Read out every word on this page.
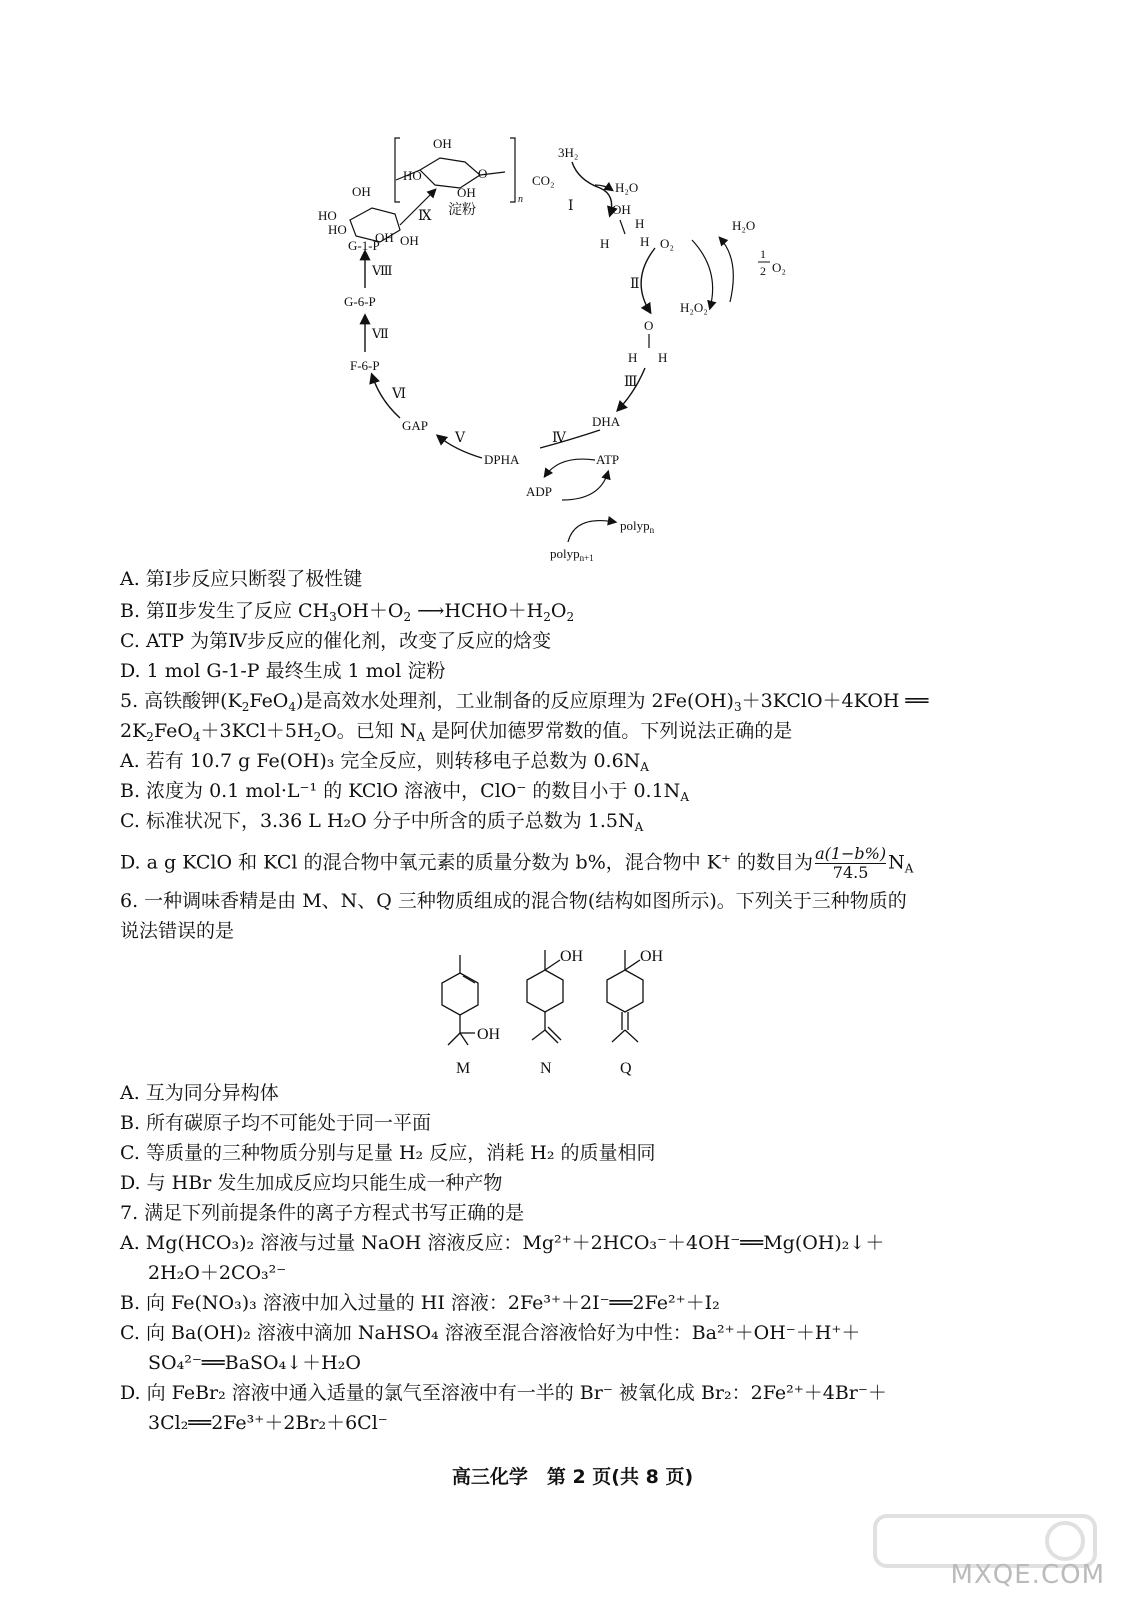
OH
HO
OH
O
n
淀粉
OH
HO
HO
OH OH
Ⅸ
3H₂
CO₂	H₂O
Ⅰ	OH
H
H H
Ⅱ
O₂
H₂O₂
H₂O
1
2 O₂
O
H H
Ⅲ
DHA
Ⅳ
ATP
ADP
polyp$_n$
polyp$_{n+1}$
DPHA
Ⅴ
GAP
Ⅵ
F-6-P
Ⅶ
G-6-P
Ⅷ
G-1-P
A. 第Ⅰ步反应只断裂了极性键
B. 第Ⅱ步发生了反应 $CH_3OH+O_2$ $⟶HCHO+H_2O_2$
C. ATP 为第Ⅳ步反应的催化剂，改变了反应的焓变
D. 1 mol G-1-P 最终生成 1 mol 淀粉
5. 高铁酸钾$(K_2FeO_4)$是高效水处理剂，工业制备的反应原理为 $2Fe(OH)_3+3KClO+4KOH$ ══
$2K_2FeO_4+3KCl+5H_2O$。已知 $N_A$ 是阿伏加德罗常数的值。下列说法正确的是
A. 若有 10.7 g Fe(OH)₃ 完全反应，则转移电子总数为 $0.6N_A$
B. 浓度为 0.1 mol·L⁻¹ 的 KClO 溶液中，ClO⁻ 的数目小于 $0.1N_A$
C. 标准状况下，3.36 L H₂O 分子中所含的质子总数为 $1.5N_A$
D. a g KClO 和 KCl 的混合物中氧元素的质量分数为 b%，混合物中 K⁺ 的数目为 $\frac{a(1-b\%)}{74.5} N_A$
6. 一种调味香精是由 M、N、Q 三种物质组成的混合物(结构如图所示)。下列关于三种物质的
说法错误的是
OH
M
OH
N
OH
Q
A. 互为同分异构体
B. 所有碳原子均不可能处于同一平面
C. 等质量的三种物质分别与足量 H₂ 反应，消耗 H₂ 的质量相同
D. 与 HBr 发生加成反应均只能生成一种产物
7. 满足下列前提条件的离子方程式书写正确的是
A. Mg(HCO₃)₂ 溶液与过量 NaOH 溶液反应：Mg²⁺＋2HCO₃⁻＋4OH⁻══Mg(OH)₂↓＋
2H₂O＋2CO₃²⁻
B. 向 Fe(NO₃)₃ 溶液中加入过量的 HI 溶液：2Fe³⁺＋2I⁻══2Fe²⁺＋I₂
C. 向 Ba(OH)₂ 溶液中滴加 NaHSO₄ 溶液至混合溶液恰好为中性：Ba²⁺＋OH⁻＋H⁺＋
SO₄²⁻══BaSO₄↓＋H₂O
D. 向 FeBr₂ 溶液中通入适量的氯气至溶液中有一半的 Br⁻ 被氧化成 Br₂：2Fe²⁺＋4Br⁻＋
3Cl₂══2Fe³⁺＋2Br₂＋6Cl⁻
高三化学　第 2 页(共 8 页)
MXQE.COM
